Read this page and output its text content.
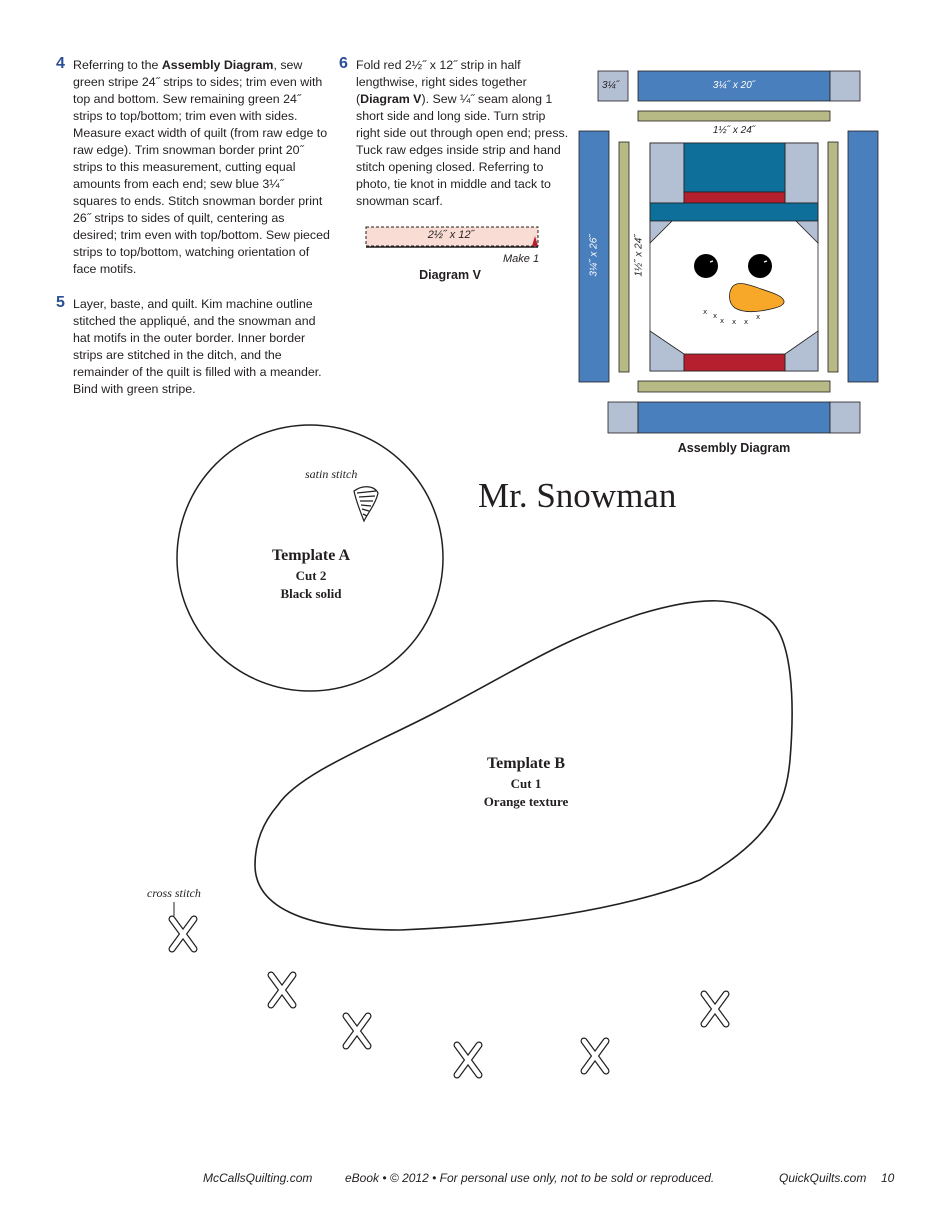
4 Referring to the Assembly Diagram, sew green stripe 24˝ strips to sides; trim even with top and bottom. Sew remaining green 24˝ strips to top/bottom; trim even with sides. Measure exact width of quilt (from raw edge to raw edge). Trim snowman border print 20˝ strips to this measurement, cutting equal amounts from each end; sew blue 3¼˝ squares to ends. Stitch snowman border print 26˝ strips to sides of quilt, centering as desired; trim even with top/bottom. Sew pieced strips to top/bottom, watching orientation of face motifs.
5 Layer, baste, and quilt. Kim machine outline stitched the appliqué, and the snowman and hat motifs in the outer border. Inner border strips are stitched in the ditch, and the remainder of the quilt is filled with a meander. Bind with green stripe.
6 Fold red 2½˝ x 12˝ strip in half lengthwise, right sides together (Diagram V). Sew ¼˝ seam along 1 short side and long side. Turn strip right side out through open end; press. Tuck raw edges inside strip and hand stitch opening closed. Referring to photo, tie knot in middle and tack to snowman scarf.
2½˝ x 12˝
Make 1
Diagram V
x x
x x x
x
3¼˝	3¼˝ x 20˝
1½˝ x 24˝
3¼˝ x 26˝	1½˝ x 24˝
Assembly Diagram
Mr. Snowman
satin stitch
Template A
Cut 2
Black solid
Template B
Cut 1
Orange texture
cross stitch
McCallsQuilting.com	eBook • © 2012 • For personal use only, not to be sold or reproduced.	QuickQuilts.com 10
